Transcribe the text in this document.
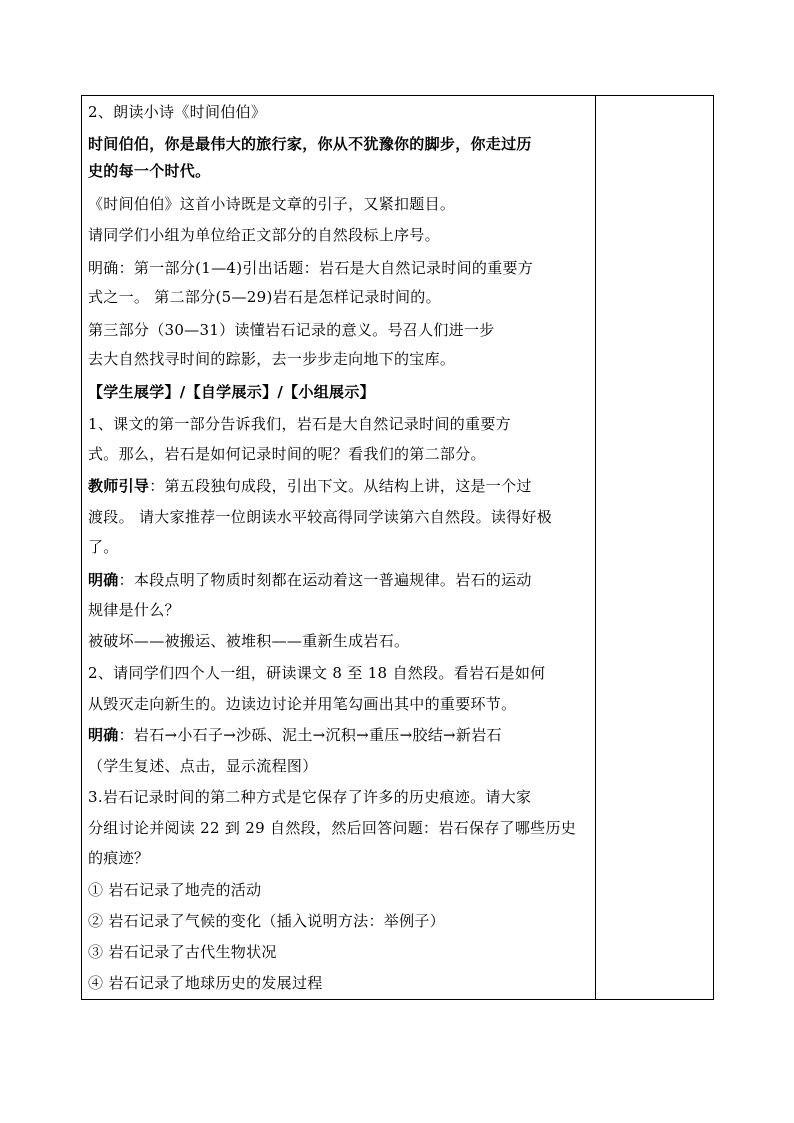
2、朗读小诗《时间伯伯》
时间伯伯，你是最伟大的旅行家，你从不犹豫你的脚步，你走过历
史的每一个时代。
《时间伯伯》这首小诗既是文章的引子，又紧扣题目。
请同学们小组为单位给正文部分的自然段标上序号。
明确：第一部分(1—4)引出话题：岩石是大自然记录时间的重要方
式之一。 第二部分(5—29)岩石是怎样记录时间的。
第三部分（30—31）读懂岩石记录的意义。号召人们进一步
去大自然找寻时间的踪影，去一步步走向地下的宝库。
【学生展学】/【自学展示】/【小组展示】
1、课文的第一部分告诉我们，岩石是大自然记录时间的重要方
式。那么，岩石是如何记录时间的呢？看我们的第二部分。
教师引导：第五段独句成段，引出下文。从结构上讲，这是一个过
渡段。 请大家推荐一位朗读水平较高得同学读第六自然段。读得好极
了。
明确：本段点明了物质时刻都在运动着这一普遍规律。岩石的运动
规律是什么？
被破坏——被搬运、被堆积——重新生成岩石。
2、请同学们四个人一组，研读课文 8 至 18 自然段。看岩石是如何
从毁灭走向新生的。边读边讨论并用笔勾画出其中的重要环节。
明确：岩石→小石子→沙砾、泥土→沉积→重压→胶结→新岩石
（学生复述、点击，显示流程图）
3.岩石记录时间的第二种方式是它保存了许多的历史痕迹。请大家
分组讨论并阅读 22 到 29 自然段，然后回答问题：岩石保存了哪些历史
的痕迹？
① 岩石记录了地壳的活动
② 岩石记录了气候的变化（插入说明方法：举例子）
③ 岩石记录了古代生物状况
④ 岩石记录了地球历史的发展过程
